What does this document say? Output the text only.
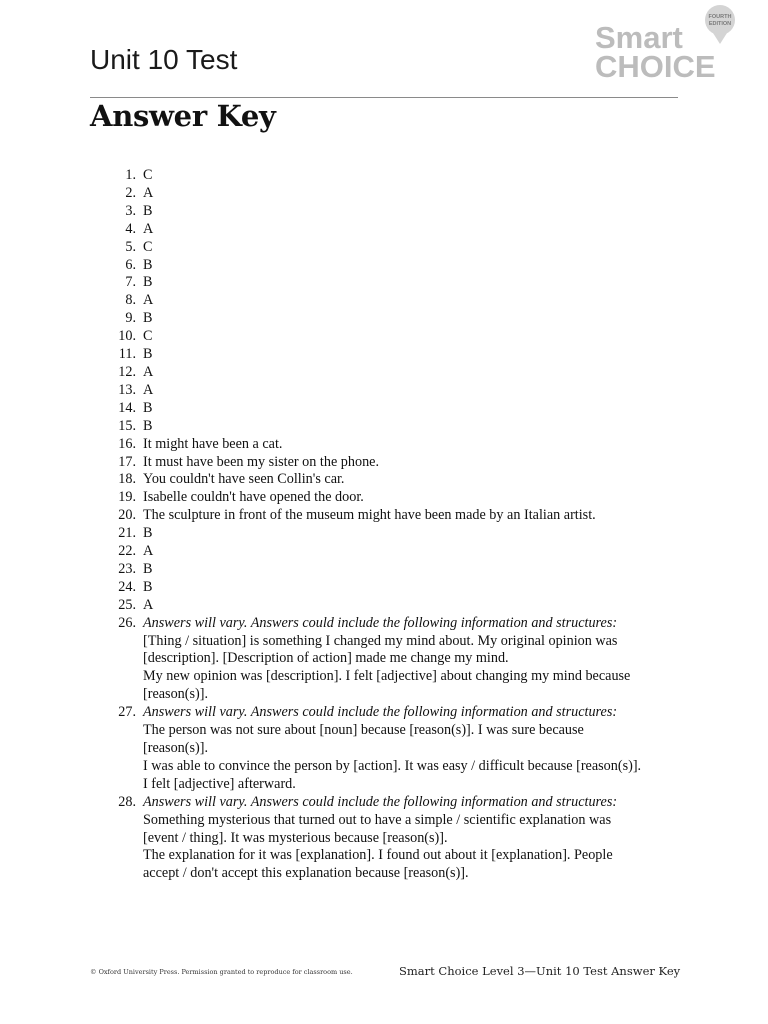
Unit 10 Test
FOURTH
EDITION
Smart
CHOICE
Answer Key
1. C
2. A
3. B
4. A
5. C
6. B
7. B
8. A
9. B
10. C
11. B
12. A
13. A
14. B
15. B
16. It might have been a cat.
17. It must have been my sister on the phone.
18. You couldn't have seen Collin's car.
19. Isabelle couldn't have opened the door.
20. The sculpture in front of the museum might have been made by an Italian artist.
21. B
22. A
23. B
24. B
25. A
26. Answers will vary. Answers could include the following information and structures:
[Thing / situation] is something I changed my mind about. My original opinion was
[description]. [Description of action] made me change my mind.
My new opinion was [description]. I felt [adjective] about changing my mind because
[reason(s)].
27. Answers will vary. Answers could include the following information and structures:
The person was not sure about [noun] because [reason(s)]. I was sure because
[reason(s)].
I was able to convince the person by [action]. It was easy / difficult because [reason(s)].
I felt [adjective] afterward.
28. Answers will vary. Answers could include the following information and structures:
Something mysterious that turned out to have a simple / scientific explanation was
[event / thing]. It was mysterious because [reason(s)].
The explanation for it was [explanation]. I found out about it [explanation]. People
accept / don't accept this explanation because [reason(s)].
© Oxford University Press. Permission granted to reproduce for classroom use.	Smart Choice Level 3—Unit 10 Test Answer Key
